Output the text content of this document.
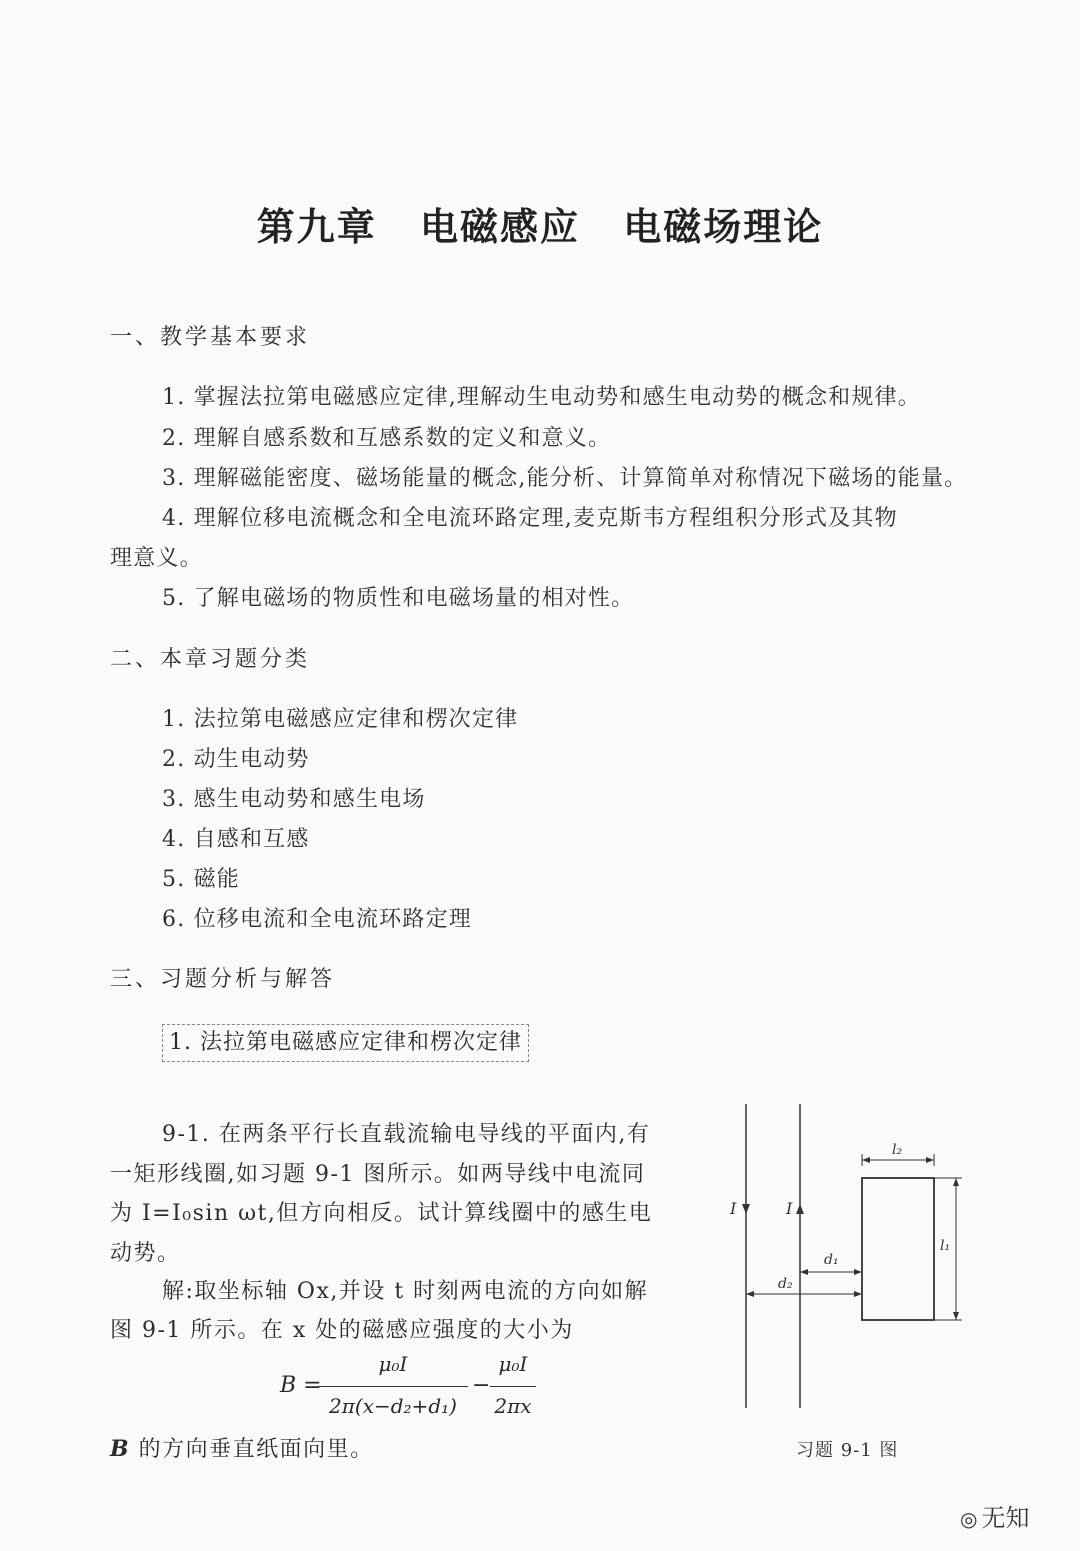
第九章 电磁感应 电磁场理论
一、教学基本要求
1. 掌握法拉第电磁感应定律,理解动生电动势和感生电动势的概念和规律。
2. 理解自感系数和互感系数的定义和意义。
3. 理解磁能密度、磁场能量的概念,能分析、计算简单对称情况下磁场的能量。
4. 理解位移电流概念和全电流环路定理,麦克斯韦方程组积分形式及其物
理意义。
5. 了解电磁场的物质性和电磁场量的相对性。
二、本章习题分类
1. 法拉第电磁感应定律和楞次定律
2. 动生电动势
3. 感生电动势和感生电场
4. 自感和互感
5. 磁能
6. 位移电流和全电流环路定理
三、习题分析与解答
1. 法拉第电磁感应定律和楞次定律
9-1. 在两条平行长直载流输电导线的平面内,有
一矩形线圈,如习题 9-1 图所示。如两导线中电流同
为 I=I₀sin ωt,但方向相反。试计算线圈中的感生电
动势。
解:取坐标轴 Ox,并设 t 时刻两电流的方向如解
图 9-1 所示。在 x 处的磁感应强度的大小为
B =
μ₀I
2π(x−d₂+d₁)
−
μ₀I
2πx
B 的方向垂直纸面向里。
I	I
l₂
l₁
d₁
d₂
习题 9-1 图
◎ 无知
